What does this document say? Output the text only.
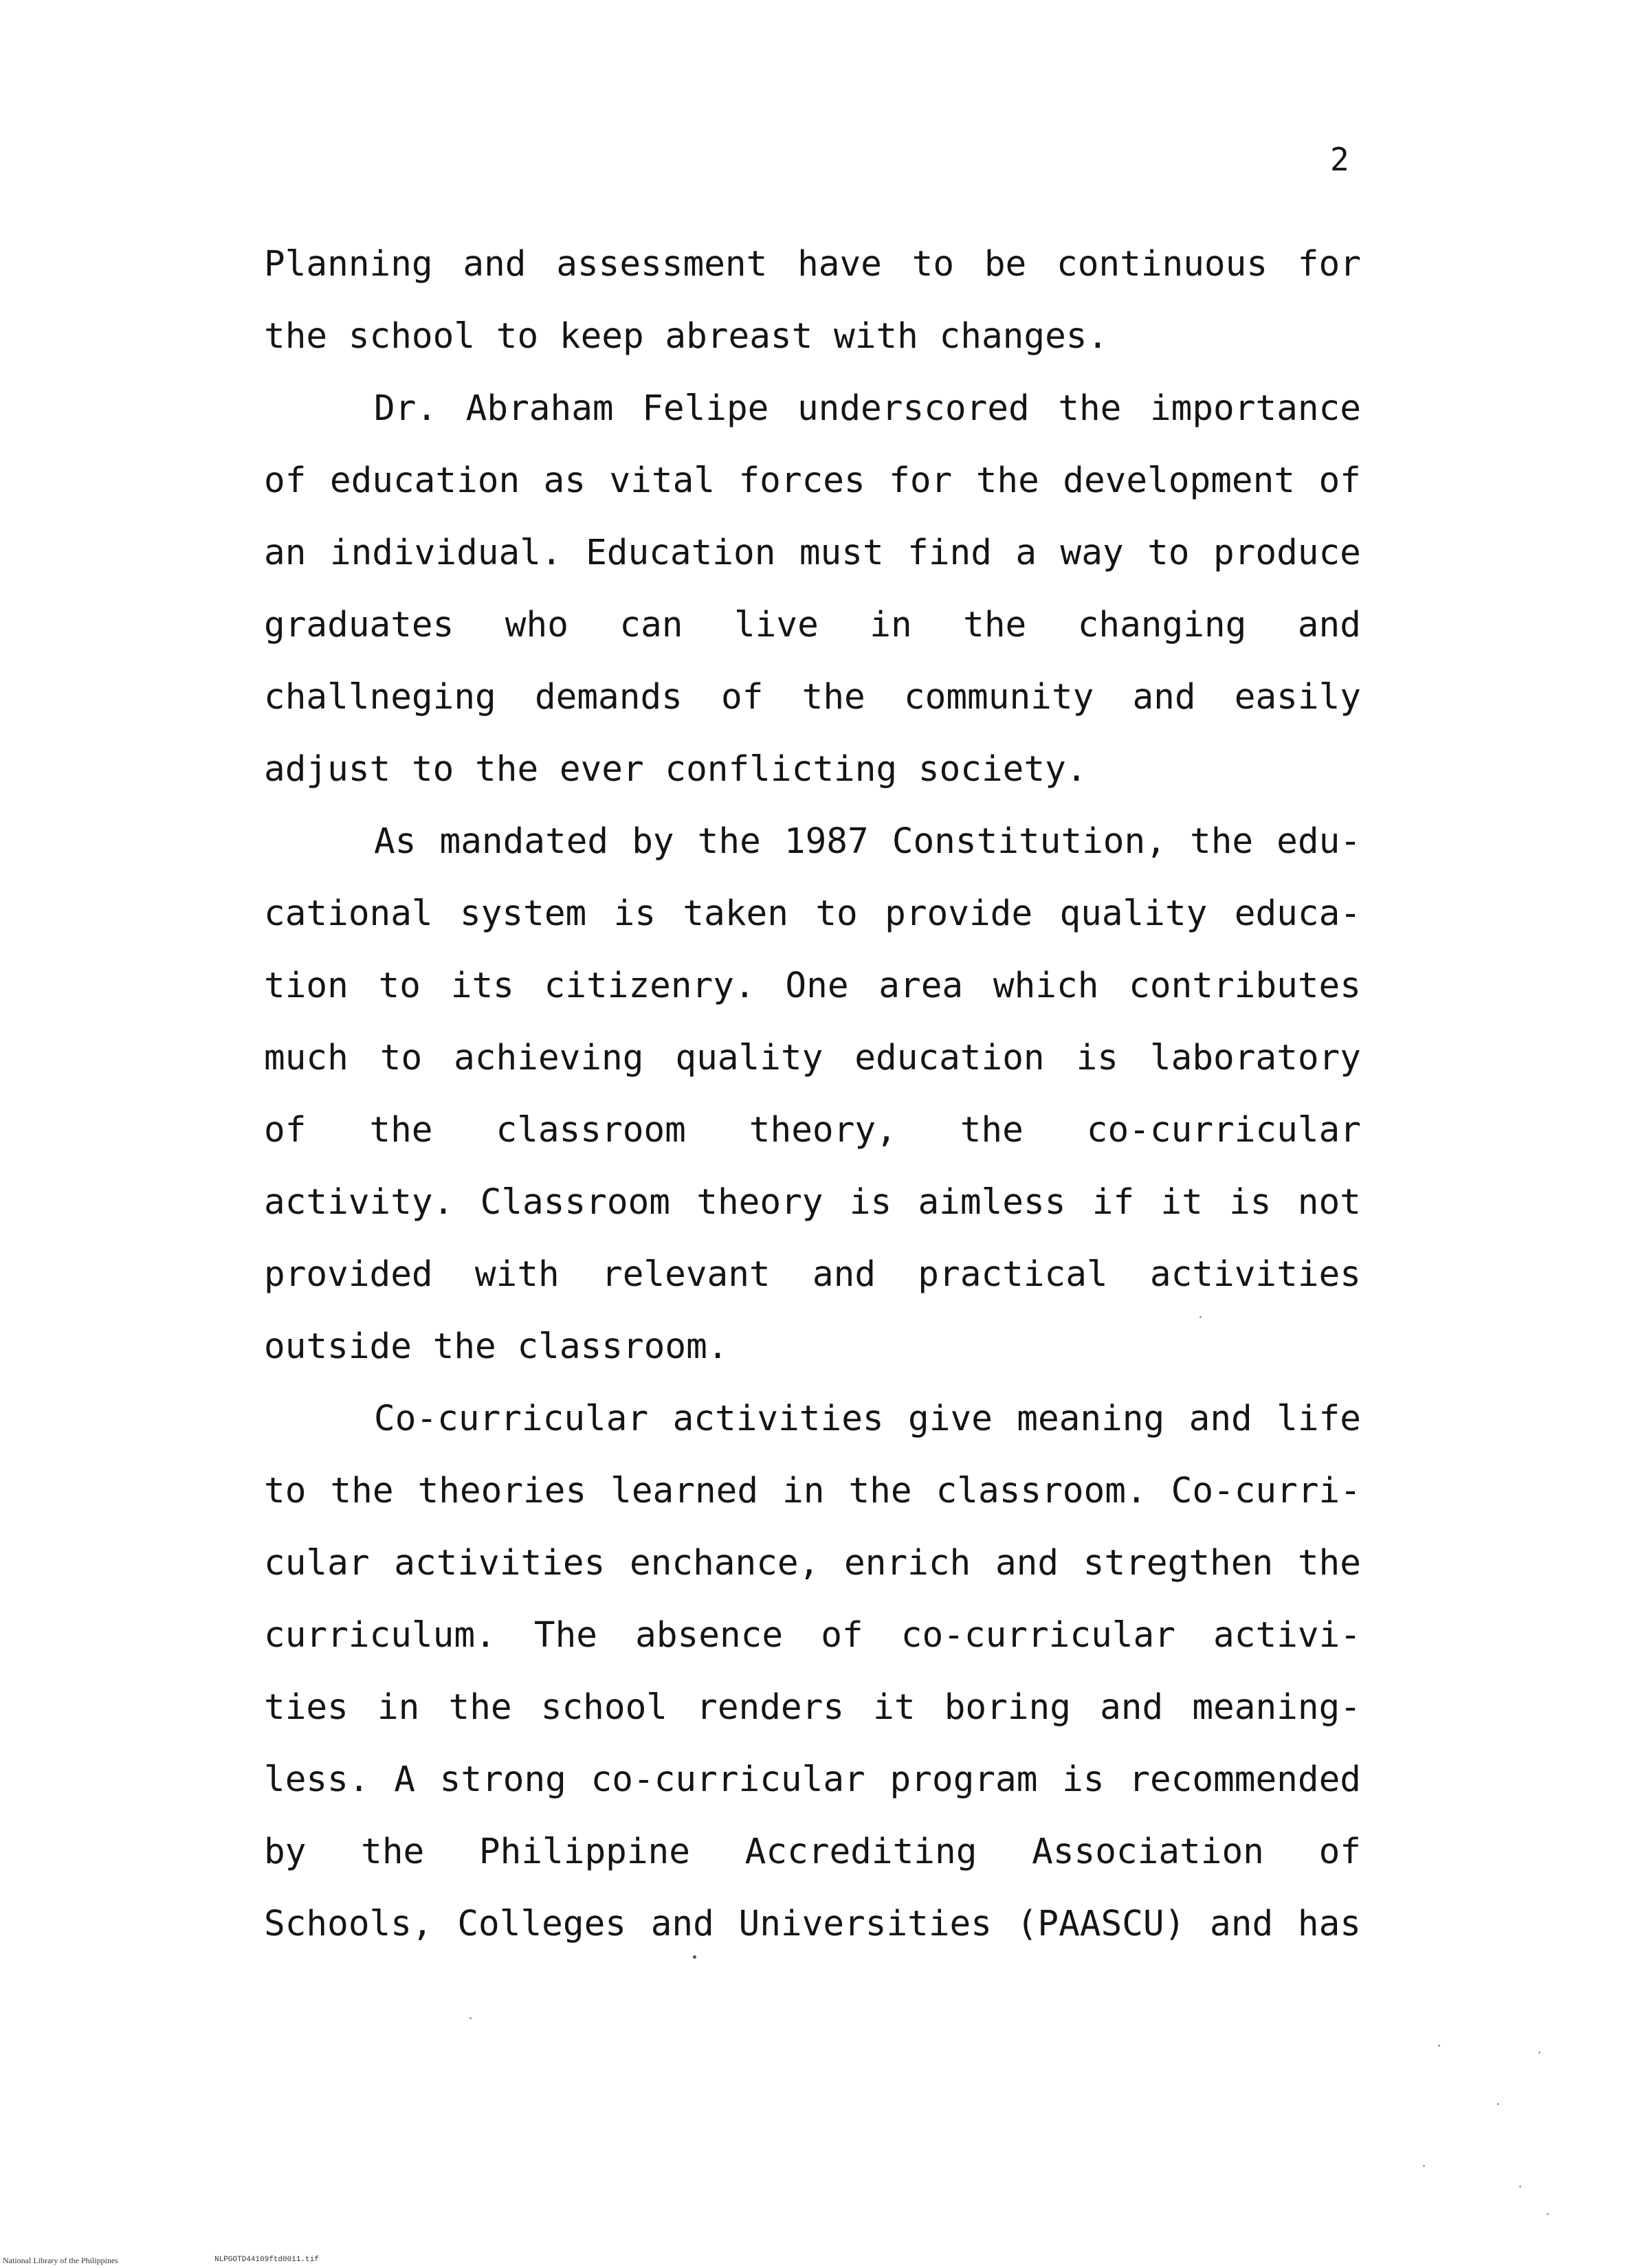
2
Planning and assessment have to be continuous for
the school to keep abreast with changes.
Dr. Abraham Felipe underscored the importance
of education as vital forces for the development of
an individual. Education must find a way to produce
graduates who can live in the changing and
challneging demands of the community and easily
adjust to the ever conflicting society.
As mandated by the 1987 Constitution, the edu-
cational system is taken to provide quality educa-
tion to its citizenry. One area which contributes
much to achieving quality education is laboratory
of the classroom theory, the co-curricular
activity. Classroom theory is aimless if it is not
provided with relevant and practical activities
outside the classroom.
Co-curricular activities give meaning and life
to the theories learned in the classroom. Co-curri-
cular activities enchance, enrich and stregthen the
curriculum. The absence of co-curricular activi-
ties in the school renders it boring and meaning-
less. A strong co-curricular program is recommended
by the Philippine Accrediting Association of
Schools, Colleges and Universities (PAASCU) and has
National Library of the Philippines	NLPGOTD44109ftd0011.tif
